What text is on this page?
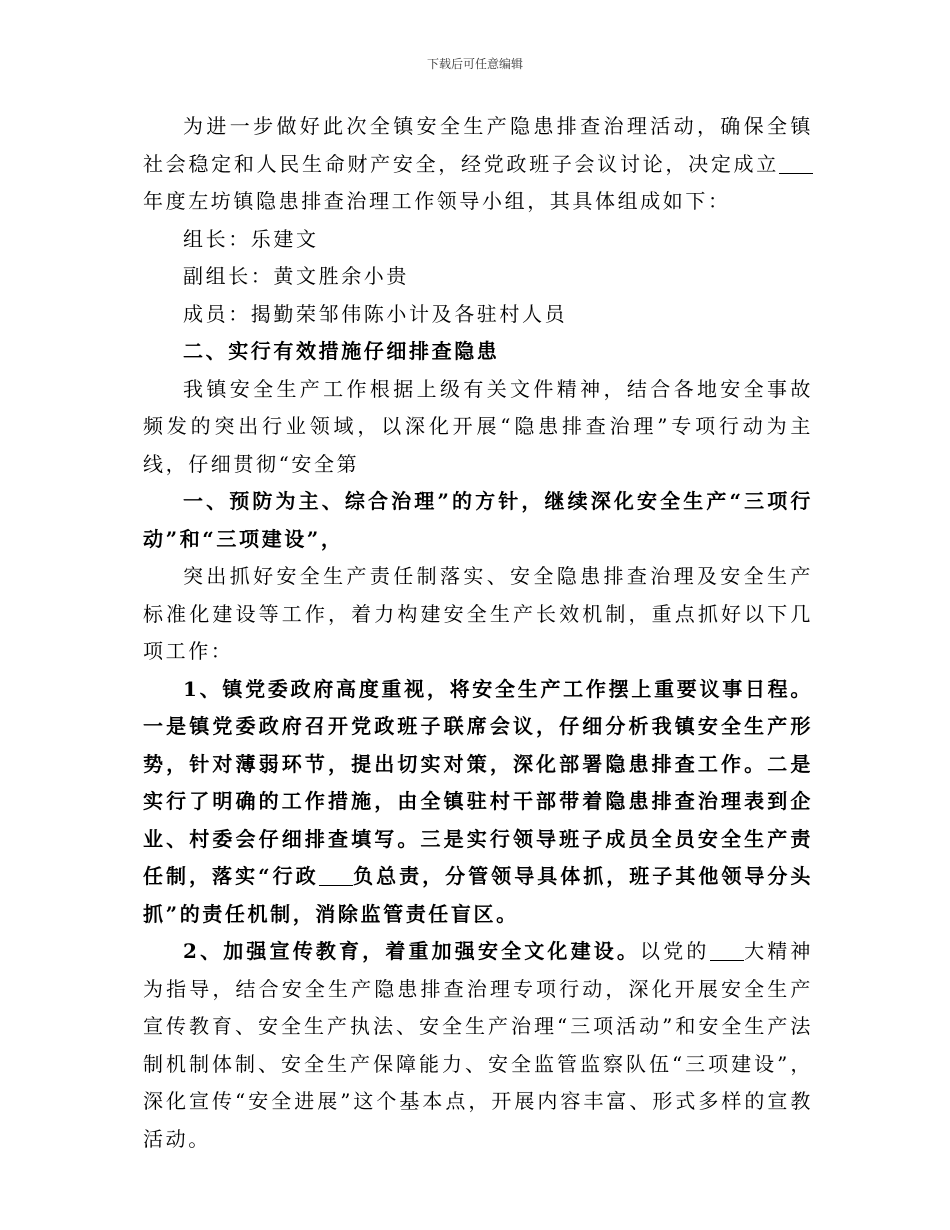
下载后可任意编辑

为进一步做好此次全镇安全生产隐患排查治理活动，确保全镇社会稳定和人民生命财产安全，经党政班子会议讨论，决定成立年度左坊镇隐患排查治理工作领导小组，其具体组成如下：

组长：乐建文

副组长：黄文胜余小贵

成员：揭勤荣邹伟陈小计及各驻村人员

二、实行有效措施仔细排查隐患

我镇安全生产工作根据上级有关文件精神，结合各地安全事故频发的突出行业领域，以深化开展“隐患排查治理”专项行动为主线，仔细贯彻“安全第

一、预防为主、综合治理”的方针，继续深化安全生产“三项行动”和“三项建设”，

突出抓好安全生产责任制落实、安全隐患排查治理及安全生产标准化建设等工作，着力构建安全生产长效机制，重点抓好以下几项工作：

1、镇党委政府高度重视，将安全生产工作摆上重要议事日程。一是镇党委政府召开党政班子联席会议，仔细分析我镇安全生产形势，针对薄弱环节，提出切实对策，深化部署隐患排查工作。二是实行了明确的工作措施，由全镇驻村干部带着隐患排查治理表到企业、村委会仔细排查填写。三是实行领导班子成员全员安全生产责任制，落实“行政 负总责，分管领导具体抓，班子其他领导分头抓”的责任机制，消除监管责任盲区。

2、加强宣传教育，着重加强安全文化建设。以党的 大精神为指导，结合安全生产隐患排查治理专项行动，深化开展安全生产宣传教育、安全生产执法、安全生产治理“三项活动”和安全生产法制机制体制、安全生产保障能力、安全监管监察队伍“三项建设”，深化宣传“安全进展”这个基本点，开展内容丰富、形式多样的宣教活动。
